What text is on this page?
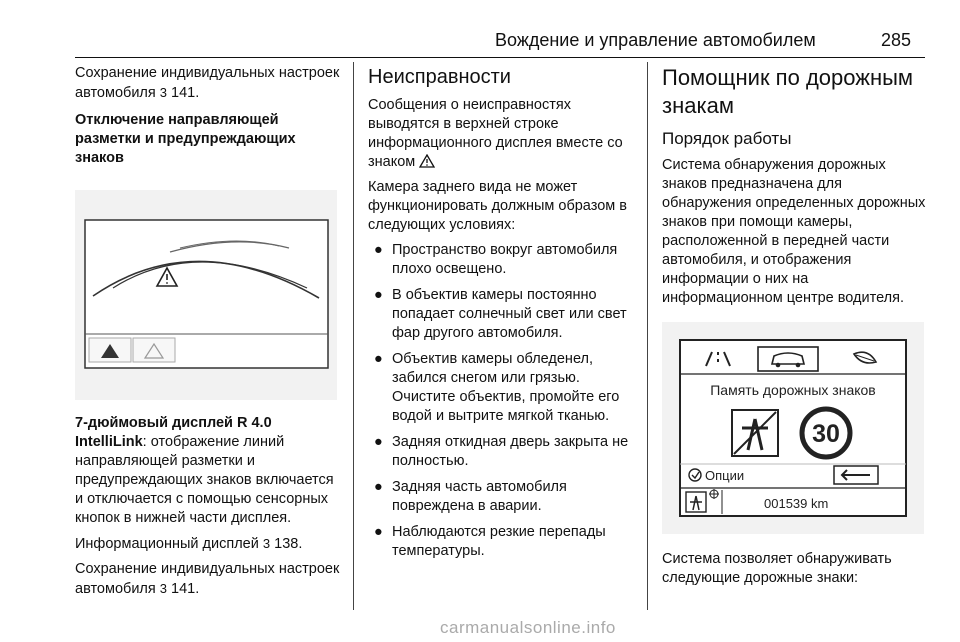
Вождение и управление автомобилем	285

Сохранение индивидуальных настроек автомобиля 3 141.

Отключение направляющей разметки и предупреждающих знаков

7-дюймовый дисплей R 4.0 IntelliLink: отображение линий направляющей разметки и предупреждающих знаков включается и отключается с помощью сенсорных кнопок в нижней части дисплея.

Информационный дисплей 3 138.

Сохранение индивидуальных настроек автомобиля 3 141.

Неисправности

Сообщения о неисправностях выводятся в верхней строке информационного дисплея вместе со знаком

Камера заднего вида не может функционировать должным образом в следующих условиях:

● Пространство вокруг автомобиля плохо освещено.
● В объектив камеры постоянно попадает солнечный свет или свет фар другого автомобиля.
● Объектив камеры обледенел, забился снегом или грязью. Очистите объектив, промойте его водой и вытрите мягкой тканью.
● Задняя откидная дверь закрыта не полностью.
● Задняя часть автомобиля повреждена в аварии.
● Наблюдаются резкие перепады температуры.
Помощник по дорожным знакам
Порядок работы

Система обнаружения дорожных знаков предназначена для обнаружения определенных дорожных знаков при помощи камеры, расположенной в передней части автомобиля, и отображения информации о них на информационном центре водителя.

Память дорожных знаков
30
Опции
001539 km

Система позволяет обнаруживать следующие дорожные знаки:

carmanualsonline.info
